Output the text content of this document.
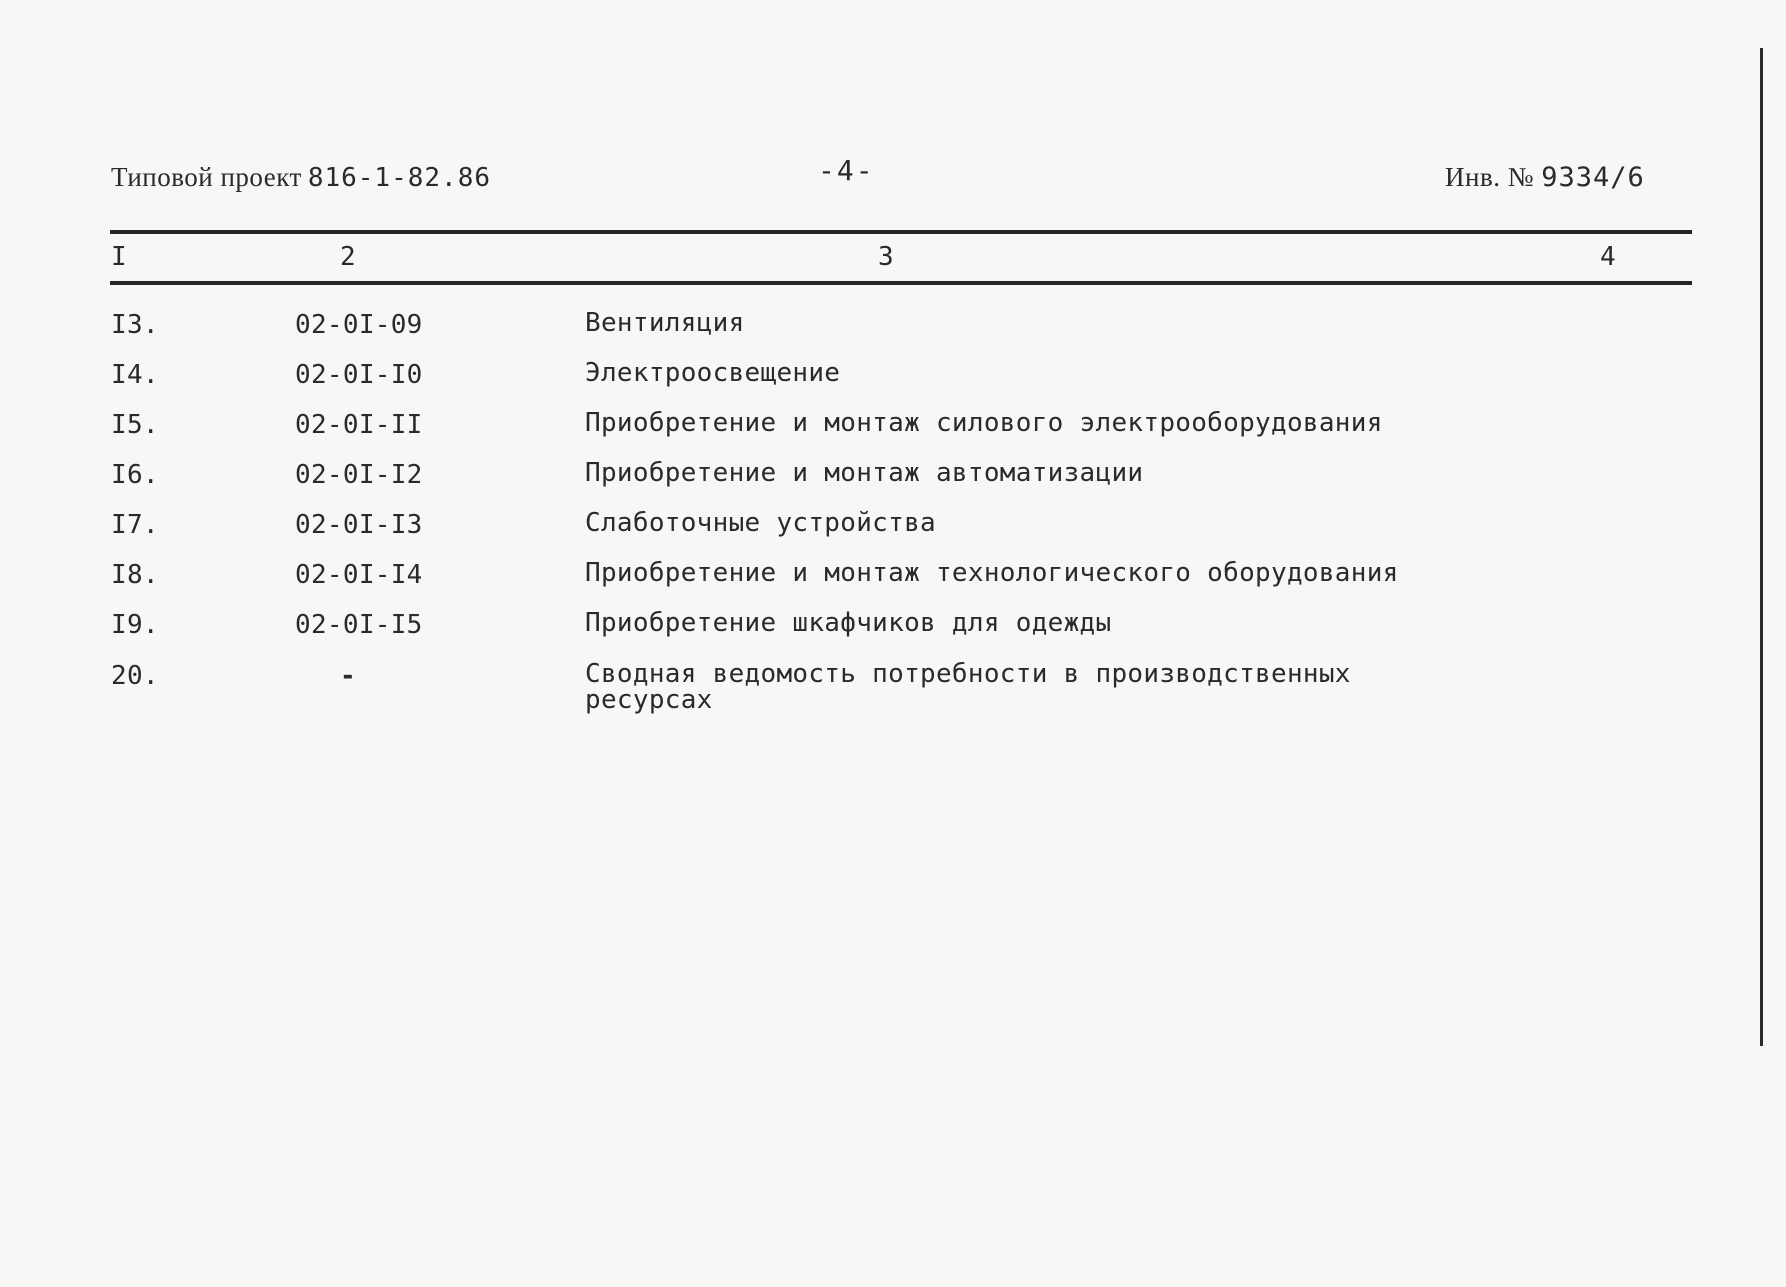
Типовой проект 816-1-82.86	-4-	Инв. № 9334/6
I	2	3	4
I3.	02-0I-09	Вентиляция
I4.	02-0I-I0	Электроосвещение
I5.	02-0I-II	Приобретение и монтаж силового электрооборудования
I6.	02-0I-I2	Приобретение и монтаж автоматизации
I7.	02-0I-I3	Слаботочные устройства
I8.	02-0I-I4	Приобретение и монтаж технологического оборудования
I9.	02-0I-I5	Приобретение шкафчиков для одежды
20.	-	Сводная ведомость потребности в производственных ресурсах
